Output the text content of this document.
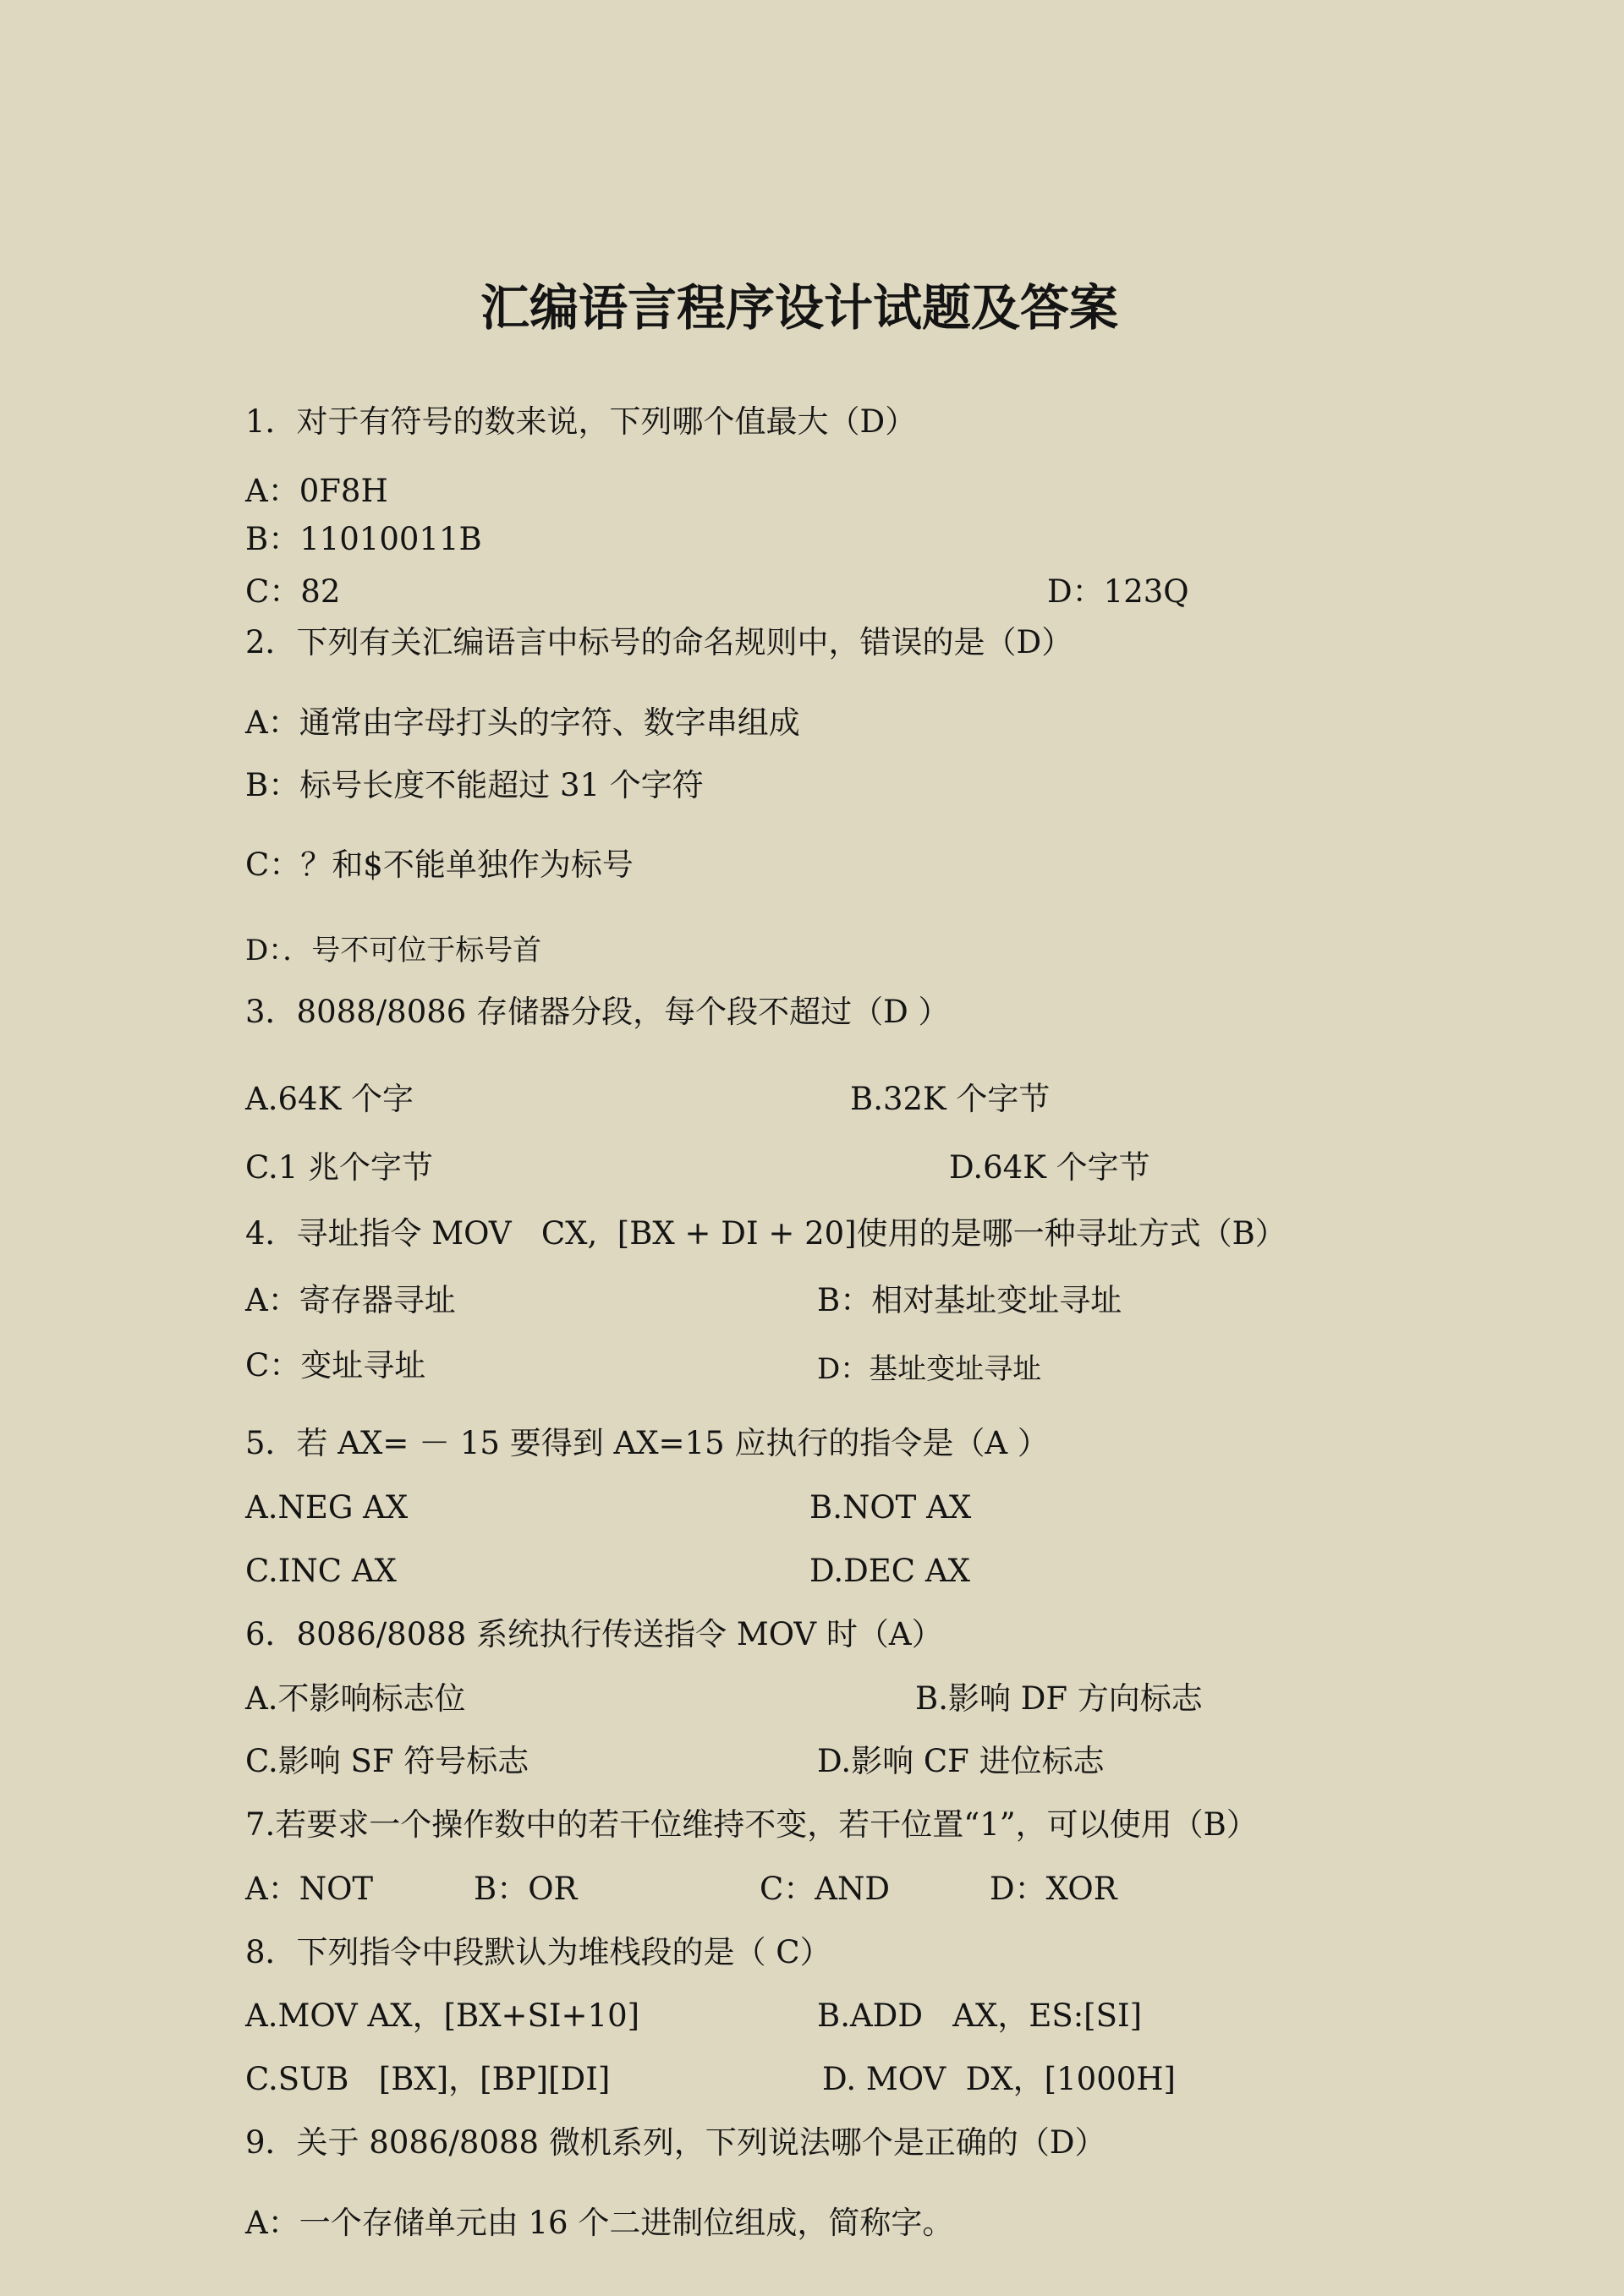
汇编语言程序设计试题及答案
1．对于有符号的数来说，下列哪个值最大（D）
A：0F8H
B：11010011B
C：82	D：123Q
2．下列有关汇编语言中标号的命名规则中，错误的是（D）
A：通常由字母打头的字符、数字串组成
B：标号长度不能超过 31 个字符
C：？和$不能单独作为标号
D：．号不可位于标号首
3．8088/8086 存储器分段，每个段不超过（D ）
A.64K 个字	B.32K 个字节
C.1 兆个字节	D.64K 个字节
4．寻址指令 MOV   CX,  [BX + DI + 20]使用的是哪一种寻址方式（B）
A：寄存器寻址	B：相对基址变址寻址
C：变址寻址	D：基址变址寻址
5．若 AX= － 15 要得到 AX=15 应执行的指令是（A ）
A.NEG AX	B.NOT AX
C.INC AX	D.DEC AX
6．8086/8088 系统执行传送指令 MOV 时（A）
A.不影响标志位	B.影响 DF 方向标志
C.影响 SF 符号标志	D.影响 CF 进位标志
7.若要求一个操作数中的若干位维持不变，若干位置“1”，可以使用（B）
A：NOT	B：OR	C：AND	D：XOR
8．下列指令中段默认为堆栈段的是（ C）
A.MOV AX，[BX+SI+10]	B.ADD   AX，ES:[SI]
C.SUB   [BX]，[BP][DI]	D. MOV  DX，[1000H]
9．关于 8086/8088 微机系列，下列说法哪个是正确的（D）
A：一个存储单元由 16 个二进制位组成，简称字。
